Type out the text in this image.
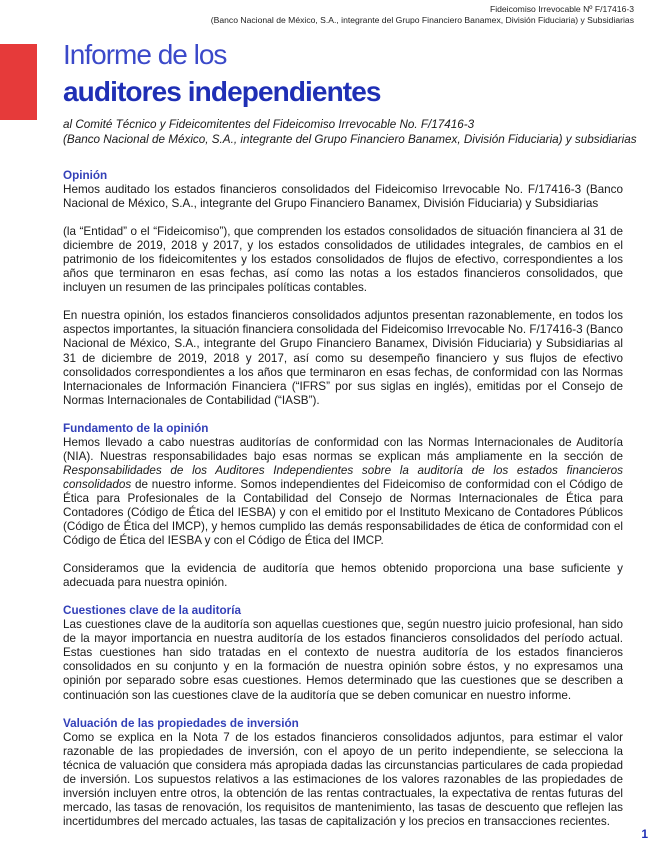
Fideicomiso Irrevocable Nº F/17416-3
(Banco Nacional de México, S.A., integrante del Grupo Financiero Banamex, División Fiduciaria) y Subsidiarias
Informe de los
auditores independientes
al Comité Técnico y Fideicomitentes del Fideicomiso Irrevocable No. F/17416-3
(Banco Nacional de México, S.A., integrante del Grupo Financiero Banamex, División Fiduciaria) y subsidiarias
Opinión

Hemos auditado los estados financieros consolidados del Fideicomiso Irrevocable No. F/17416-3 (Banco Nacional de México, S.A., integrante del Grupo Financiero Banamex, División Fiduciaria) y Subsidiarias

(la “Entidad” o el “Fideicomiso”), que comprenden los estados consolidados de situación financiera al 31 de diciembre de 2019, 2018 y 2017, y los estados consolidados de utilidades integrales, de cambios en el patrimonio de los fideicomitentes y los estados consolidados de flujos de efectivo, correspondientes a los años que terminaron en esas fechas, así como las notas a los estados financieros consolidados, que incluyen un resumen de las principales políticas contables.

En nuestra opinión, los estados financieros consolidados adjuntos presentan razonablemente, en todos los aspectos importantes, la situación financiera consolidada del Fideicomiso Irrevocable No. F/17416-3 (Banco Nacional de México, S.A., integrante del Grupo Financiero Banamex, División Fiduciaria) y Subsidiarias al 31 de diciembre de 2019, 2018 y 2017, así como su desempeño financiero y sus flujos de efectivo consolidados correspondientes a los años que terminaron en esas fechas, de conformidad con las Normas Internacionales de Información Financiera (“IFRS” por sus siglas en inglés), emitidas por el Consejo de Normas Internacionales de Contabilidad (“IASB”).

Fundamento de la opinión

Hemos llevado a cabo nuestras auditorías de conformidad con las Normas Internacionales de Auditoría (NIA). Nuestras responsabilidades bajo esas normas se explican más ampliamente en la sección de Responsabilidades de los Auditores Independientes sobre la auditoría de los estados financieros consolidados de nuestro informe. Somos independientes del Fideicomiso de conformidad con el Código de Ética para Profesionales de la Contabilidad del Consejo de Normas Internacionales de Ética para Contadores (Código de Ética del IESBA) y con el emitido por el Instituto Mexicano de Contadores Públicos (Código de Ética del IMCP), y hemos cumplido las demás responsabilidades de ética de conformidad con el Código de Ética del IESBA y con el Código de Ética del IMCP.

Consideramos que la evidencia de auditoría que hemos obtenido proporciona una base suficiente y adecuada para nuestra opinión.

Cuestiones clave de la auditoría

Las cuestiones clave de la auditoría son aquellas cuestiones que, según nuestro juicio profesional, han sido de la mayor importancia en nuestra auditoría de los estados financieros consolidados del período actual. Estas cuestiones han sido tratadas en el contexto de nuestra auditoría de los estados financieros consolidados en su conjunto y en la formación de nuestra opinión sobre éstos, y no expresamos una opinión por separado sobre esas cuestiones. Hemos determinado que las cuestiones que se describen a continuación son las cuestiones clave de la auditoría que se deben comunicar en nuestro informe.

Valuación de las propiedades de inversión

Como se explica en la Nota 7 de los estados financieros consolidados adjuntos, para estimar el valor razonable de las propiedades de inversión, con el apoyo de un perito independiente, se selecciona la técnica de valuación que considera más apropiada dadas las circunstancias particulares de cada propiedad de inversión. Los supuestos relativos a las estimaciones de los valores razonables de las propiedades de inversión incluyen entre otros, la obtención de las rentas contractuales, la expectativa de rentas futuras del mercado, las tasas de renovación, los requisitos de mantenimiento, las tasas de descuento que reflejen las incertidumbres del mercado actuales, las tasas de capitalización y los precios en transacciones recientes.

1
